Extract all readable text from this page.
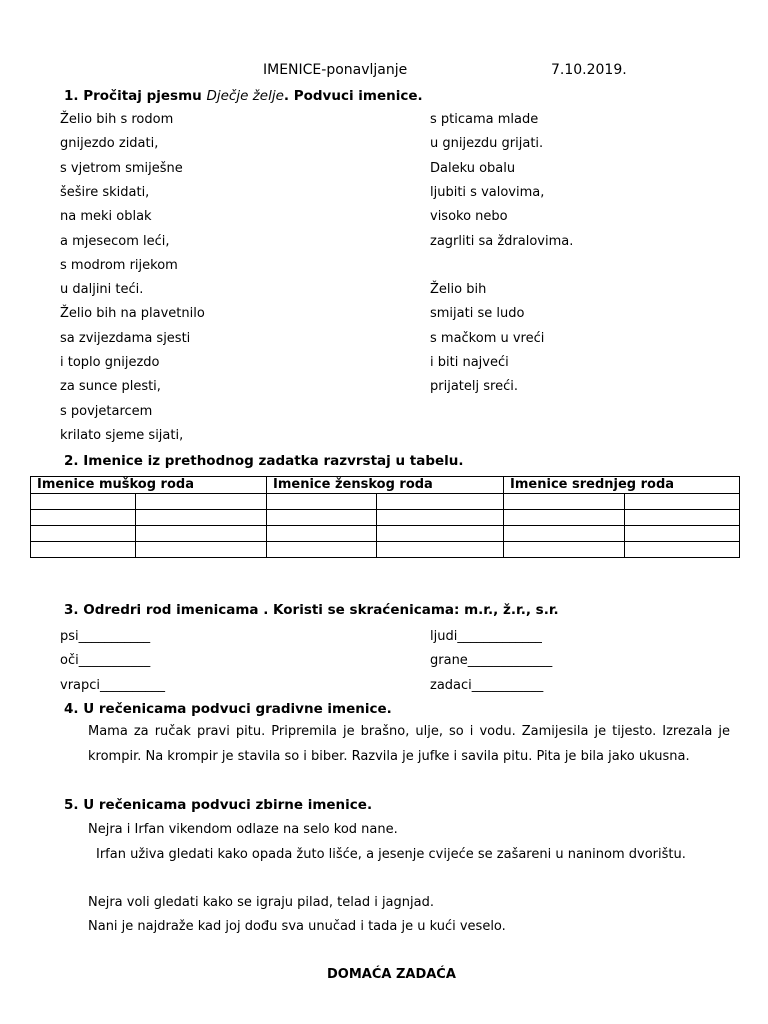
IMENICE-ponavljanje	7.10.2019.
1. Pročitaj pjesmu Dječje želje. Podvuci imenice.
Želio bih s rodom
gnijezdo zidati,
s vjetrom smiješne
šešire skidati,
na meki oblak
a mjesecom leći,
s modrom rijekom
u daljini teći.
Želio bih na plavetnilo
sa zvijezdama sjesti
i toplo gnijezdo
za sunce plesti,
s povjetarcem
krilato sjeme sijati,
s pticama mlade
u gnijezdu grijati.
Daleku obalu
ljubiti s valovima,
visoko nebo
zagrliti sa ždralovima.
Želio bih
smijati se ludo
s mačkom u vreći
i biti najveći
prijatelj sreći.
2. Imenice iz prethodnog zadatka razvrstaj u tabelu.
Imenice muškog roda		Imenice ženskog roda		Imenice srednjeg roda	

3. Odredri rod imenicama . Koristi se skraćenicama: m.r., ž.r., s.r.
psi___________
oči___________
vrapci__________
ljudi_____________
grane_____________
zadaci___________
4. U rečenicama podvuci gradivne imenice.
Mama za ručak pravi pitu. Pripremila je brašno, ulje, so i vodu. Zamijesila je tijesto. Izrezala je krompir. Na krompir je stavila so i biber. Razvila je jufke i savila pitu. Pita je bila jako ukusna.
5. U rečenicama podvuci zbirne imenice.
Nejra i Irfan vikendom odlaze na selo kod nane.
Irfan uživa gledati kako opada žuto lišće, a jesenje cvijeće se zašareni u naninom dvorištu.
Nejra voli gledati kako se igraju pilad, telad i jagnjad.
Nani je najdraže kad joj dođu sva unučad i tada je u kući veselo.
DOMAĆA ZADAĆA
